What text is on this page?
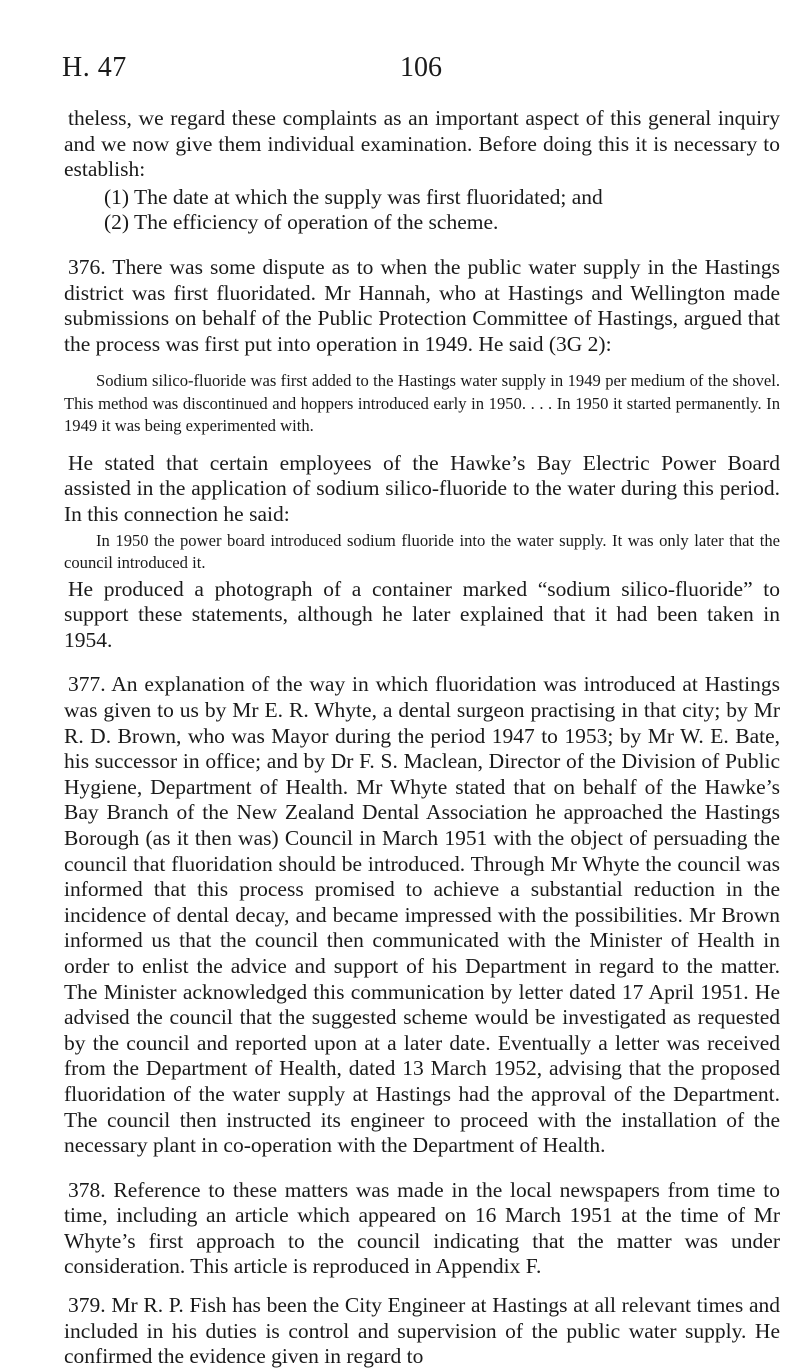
H. 47	106

theless, we regard these complaints as an important aspect of this general inquiry and we now give them individual examination. Before doing this it is necessary to establish:

(1) The date at which the supply was first fluoridated; and

(2) The efficiency of operation of the scheme.

376. There was some dispute as to when the public water supply in the Hastings district was first fluoridated. Mr Hannah, who at Hastings and Wellington made submissions on behalf of the Public Protection Committee of Hastings, argued that the process was first put into operation in 1949. He said (3G 2):

Sodium silico-fluoride was first added to the Hastings water supply in 1949 per medium of the shovel. This method was discontinued and hoppers introduced early in 1950. . . . In 1950 it started permanently. In 1949 it was being experimented with.

He stated that certain employees of the Hawke’s Bay Electric Power Board assisted in the application of sodium silico-fluoride to the water during this period. In this connection he said:

In 1950 the power board introduced sodium fluoride into the water supply. It was only later that the council introduced it.

He produced a photograph of a container marked “sodium silico-fluoride” to support these statements, although he later explained that it had been taken in 1954.

377. An explanation of the way in which fluoridation was introduced at Hastings was given to us by Mr E. R. Whyte, a dental surgeon practising in that city; by Mr R. D. Brown, who was Mayor during the period 1947 to 1953; by Mr W. E. Bate, his successor in office; and by Dr F. S. Maclean, Director of the Division of Public Hygiene, Department of Health. Mr Whyte stated that on behalf of the Hawke’s Bay Branch of the New Zealand Dental Association he approached the Hastings Borough (as it then was) Council in March 1951 with the object of persuading the council that fluoridation should be introduced. Through Mr Whyte the council was informed that this process promised to achieve a substantial reduction in the incidence of dental decay, and became impressed with the possibilities. Mr Brown informed us that the council then communicated with the Minister of Health in order to enlist the advice and support of his Department in regard to the matter. The Minister acknowledged this communication by letter dated 17 April 1951. He advised the council that the suggested scheme would be investigated as requested by the council and reported upon at a later date. Eventually a letter was received from the Department of Health, dated 13 March 1952, advising that the proposed fluoridation of the water supply at Hastings had the approval of the Department. The council then instructed its engineer to proceed with the installation of the necessary plant in co-operation with the Department of Health.

378. Reference to these matters was made in the local newspapers from time to time, including an article which appeared on 16 March 1951 at the time of Mr Whyte’s first approach to the council indicating that the matter was under consideration. This article is reproduced in Appendix F.

379. Mr R. P. Fish has been the City Engineer at Hastings at all relevant times and included in his duties is control and supervision of the public water supply. He confirmed the evidence given in regard to
